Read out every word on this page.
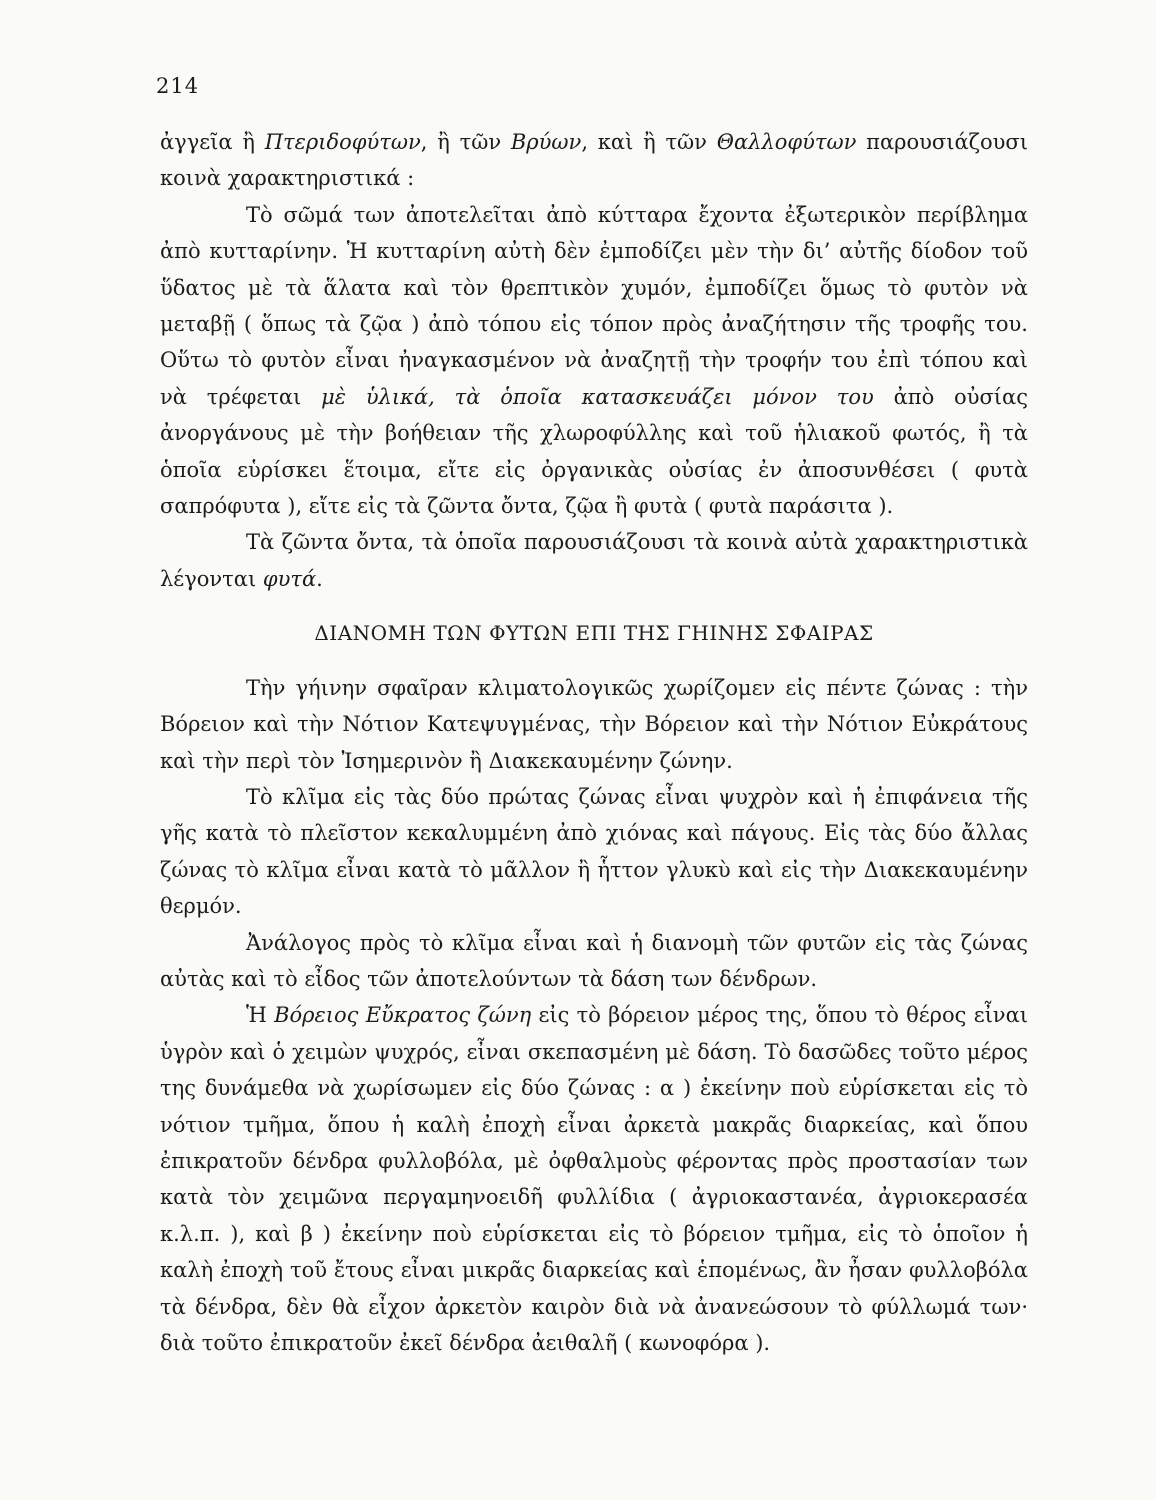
214

ἀγγεῖα ἢ Πτεριδοφύτων, ἢ τῶν Βρύων, καὶ ἢ τῶν Θαλλοφύτων παρουσιάζουσι κοινὰ χαρακτηριστικά :

Τὸ σῶμά των ἀποτελεῖται ἀπὸ κύτταρα ἔχοντα ἐξωτερικὸν περίβλημα ἀπὸ κυτταρίνην. Ἡ κυτταρίνη αὐτὴ δὲν ἐμποδίζει μὲν τὴν δι’ αὐτῆς δίοδον τοῦ ὕδατος μὲ τὰ ἅλατα καὶ τὸν θρεπτικὸν χυμόν, ἐμποδίζει ὅμως τὸ φυτὸν νὰ μεταβῇ ( ὅπως τὰ ζῷα ) ἀπὸ τόπου εἰς τόπον πρὸς ἀναζήτησιν τῆς τροφῆς του. Οὕτω τὸ φυτὸν εἶναι ἠναγκασμένον νὰ ἀναζητῇ τὴν τροφήν του ἐπὶ τόπου καὶ νὰ τρέφεται μὲ ὑλικά, τὰ ὁποῖα κατασκευάζει μόνον του ἀπὸ οὐσίας ἀνοργάνους μὲ τὴν βοήθειαν τῆς χλωροφύλλης καὶ τοῦ ἡλιακοῦ φωτός, ἢ τὰ ὁποῖα εὑρίσκει ἕτοιμα, εἴτε εἰς ὀργανικὰς οὐσίας ἐν ἀποσυνθέσει ( φυτὰ σαπρόφυτα ), εἴτε εἰς τὰ ζῶντα ὄντα, ζῷα ἢ φυτὰ ( φυτὰ παράσιτα ).

Τὰ ζῶντα ὄντα, τὰ ὁποῖα παρουσιάζουσι τὰ κοινὰ αὐτὰ χαρακτηριστικὰ λέγονται φυτά.

ΔΙΑΝΟΜΗ ΤΩΝ ΦΥΤΩΝ ΕΠΙ ΤΗΣ ΓΗΙΝΗΣ ΣΦΑΙΡΑΣ

Τὴν γήινην σφαῖραν κλιματολογικῶς χωρίζομεν εἰς πέντε ζώνας : τὴν Βόρειον καὶ τὴν Νότιον Κατεψυγμένας, τὴν Βόρειον καὶ τὴν Νότιον Εὐκράτους καὶ τὴν περὶ τὸν Ἰσημερινὸν ἢ Διακεκαυμένην ζώνην.

Τὸ κλῖμα εἰς τὰς δύο πρώτας ζώνας εἶναι ψυχρὸν καὶ ἡ ἐπιφάνεια τῆς γῆς κατὰ τὸ πλεῖστον κεκαλυμμένη ἀπὸ χιόνας καὶ πάγους. Εἰς τὰς δύο ἄλλας ζώνας τὸ κλῖμα εἶναι κατὰ τὸ μᾶλλον ἢ ἧττον γλυκὺ καὶ εἰς τὴν Διακεκαυμένην θερμόν.

Ἀνάλογος πρὸς τὸ κλῖμα εἶναι καὶ ἡ διανομὴ τῶν φυτῶν εἰς τὰς ζώνας αὐτὰς καὶ τὸ εἶδος τῶν ἀποτελούντων τὰ δάση των δένδρων.

Ἡ Βόρειος Εὔκρατος ζώνη εἰς τὸ βόρειον μέρος της, ὅπου τὸ θέρος εἶναι ὑγρὸν καὶ ὁ χειμὼν ψυχρός, εἶναι σκεπασμένη μὲ δάση. Τὸ δασῶδες τοῦτο μέρος της δυνάμεθα νὰ χωρίσωμεν εἰς δύο ζώνας : α ) ἐκείνην ποὺ εὑρίσκεται εἰς τὸ νότιον τμῆμα, ὅπου ἡ καλὴ ἐποχὴ εἶναι ἀρκετὰ μακρᾶς διαρκείας, καὶ ὅπου ἐπικρατοῦν δένδρα φυλλοβόλα, μὲ ὀφθαλμοὺς φέροντας πρὸς προστασίαν των κατὰ τὸν χειμῶνα περγαμηνοειδῆ φυλλίδια ( ἀγριοκαστανέα, ἀγριοκερασέα κ.λ.π. ), καὶ β ) ἐκείνην ποὺ εὑρίσκεται εἰς τὸ βόρειον τμῆμα, εἰς τὸ ὁποῖον ἡ καλὴ ἐποχὴ τοῦ ἔτους εἶναι μικρᾶς διαρκείας καὶ ἑπομένως, ἂν ἦσαν φυλλοβόλα τὰ δένδρα, δὲν θὰ εἶχον ἀρκετὸν καιρὸν διὰ νὰ ἀνανεώσουν τὸ φύλλωμά των· διὰ τοῦτο ἐπικρατοῦν ἐκεῖ δένδρα ἀειθαλῆ ( κωνοφόρα ).
